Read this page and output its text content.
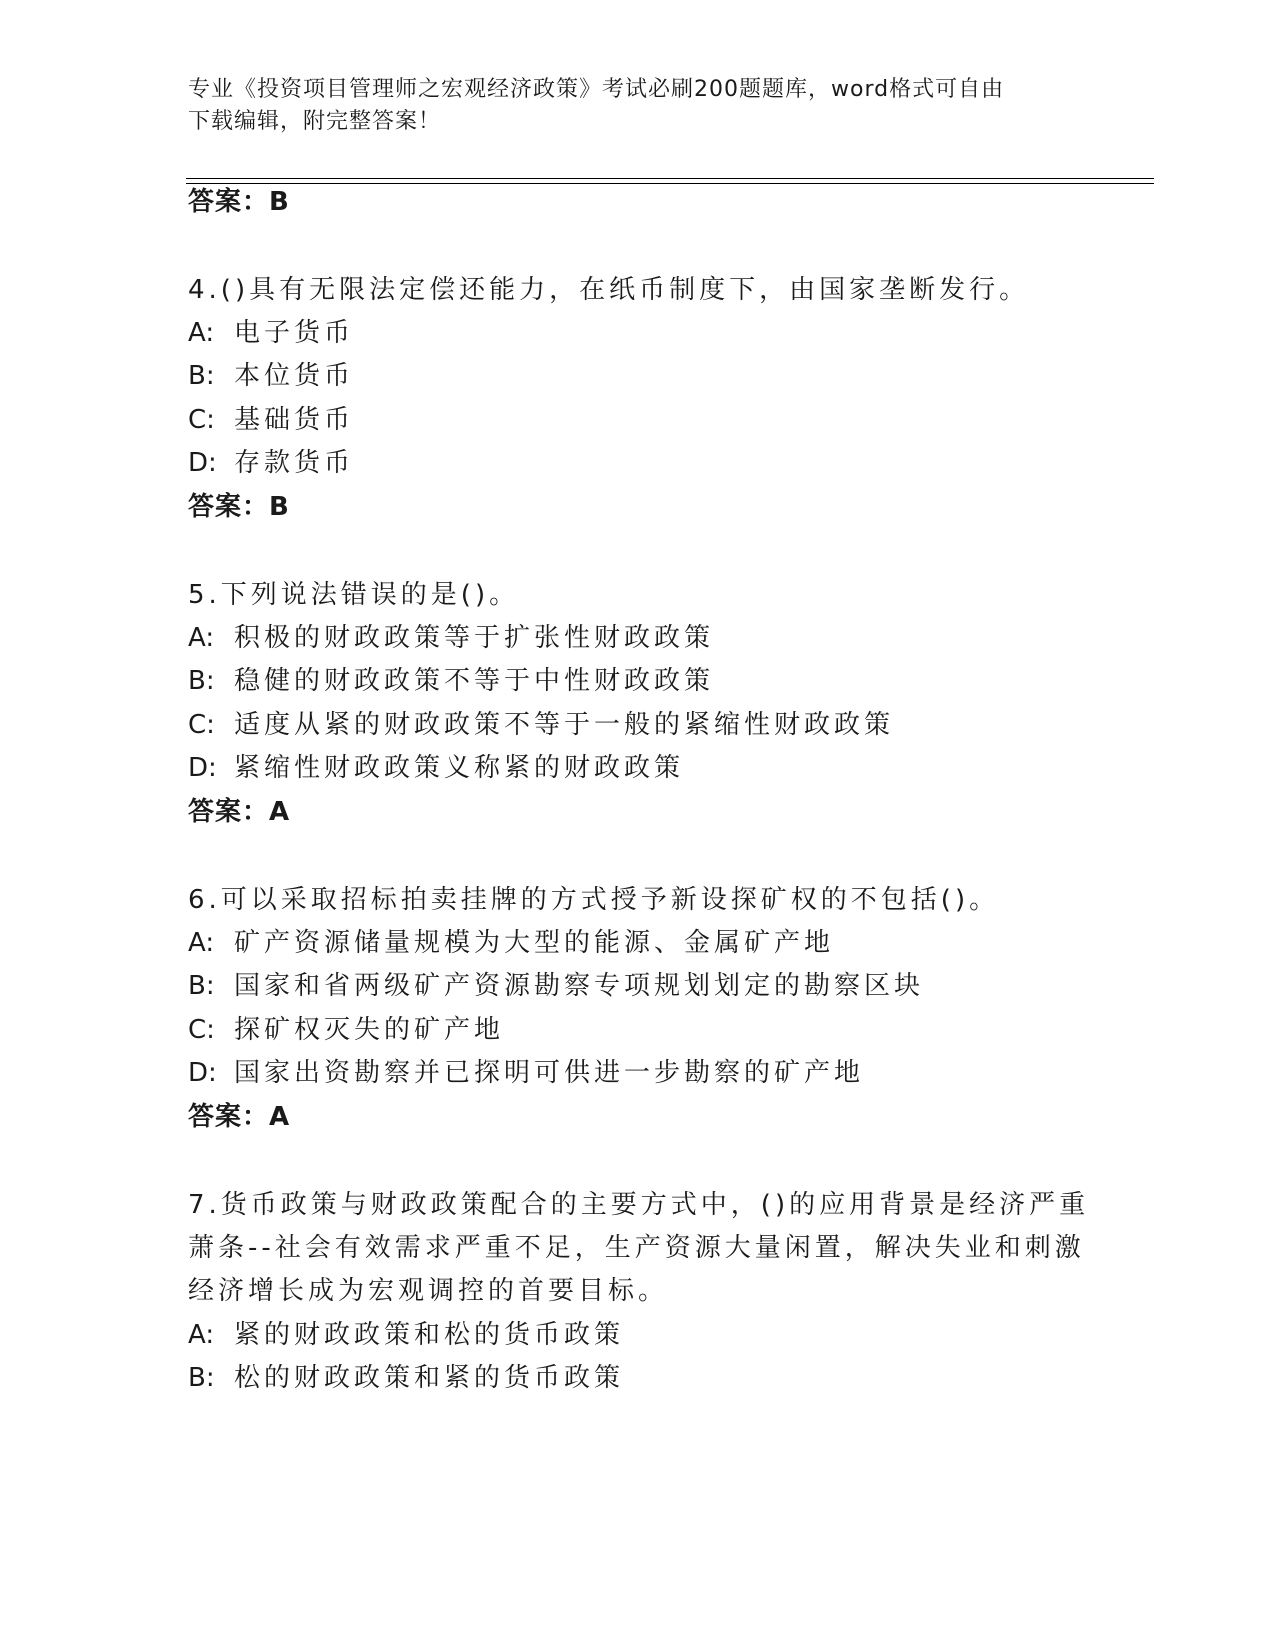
专业《投资项目管理师之宏观经济政策》考试必刷200题题库，word格式可自由
下载编辑，附完整答案！
答案：B
4.()具有无限法定偿还能力，在纸币制度下，由国家垄断发行。
A: 电子货币
B: 本位货币
C: 基础货币
D: 存款货币
答案：B
5.下列说法错误的是()。
A: 积极的财政政策等于扩张性财政政策
B: 稳健的财政政策不等于中性财政政策
C: 适度从紧的财政政策不等于一般的紧缩性财政政策
D: 紧缩性财政政策义称紧的财政政策
答案：A
6.可以采取招标拍卖挂牌的方式授予新设探矿权的不包括()。
A: 矿产资源储量规模为大型的能源、金属矿产地
B: 国家和省两级矿产资源勘察专项规划划定的勘察区块
C: 探矿权灭失的矿产地
D: 国家出资勘察并已探明可供进一步勘察的矿产地
答案：A
7.货币政策与财政政策配合的主要方式中，()的应用背景是经济严重
萧条--社会有效需求严重不足，生产资源大量闲置，解决失业和刺激
经济增长成为宏观调控的首要目标。
A: 紧的财政政策和松的货币政策
B: 松的财政政策和紧的货币政策
